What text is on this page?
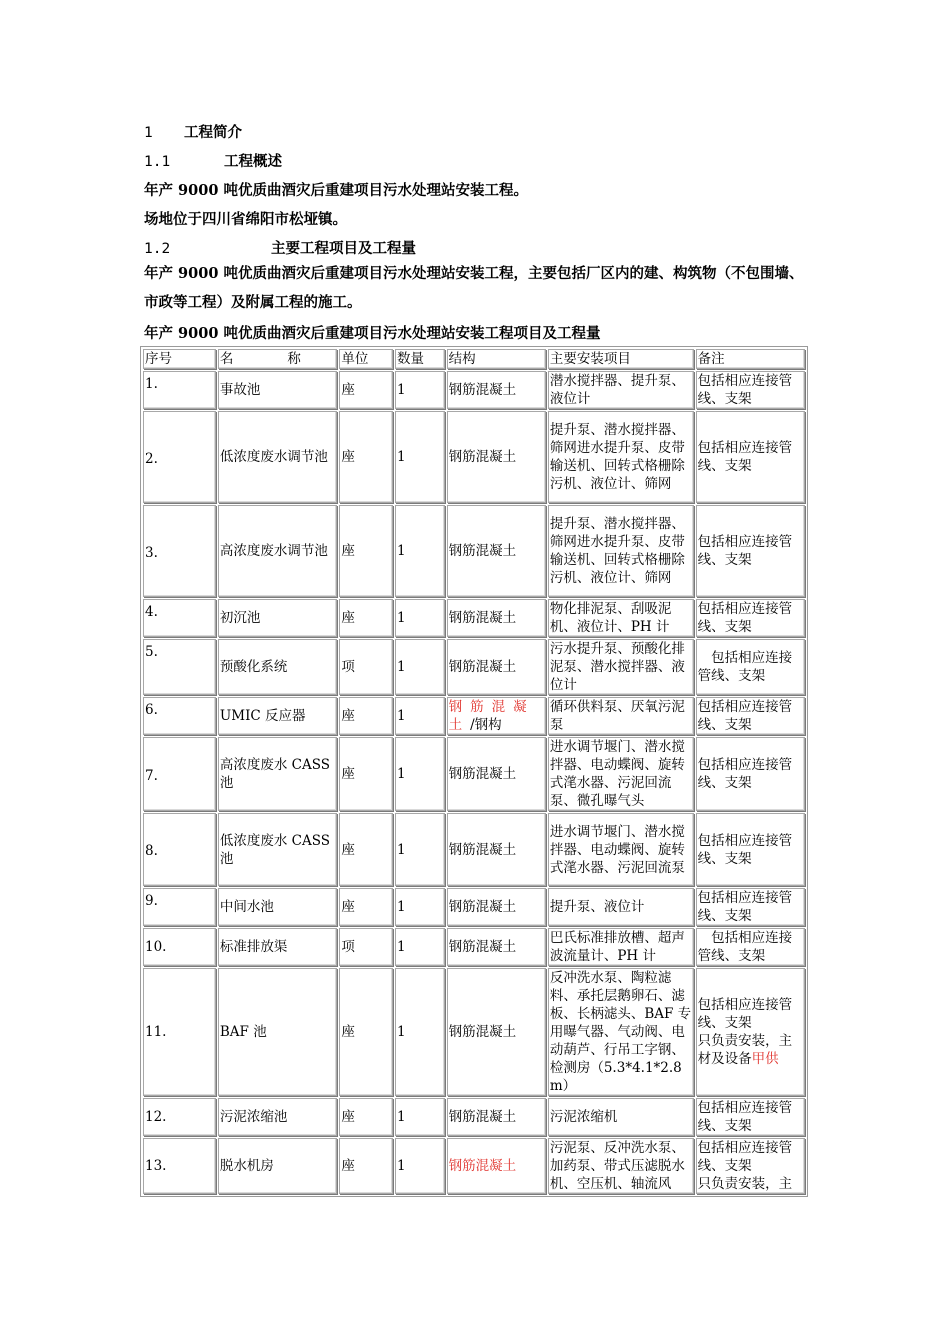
1 工程简介
1.1	工程概述
年产 9000 吨优质曲酒灾后重建项目污水处理站安装工程。
场地位于四川省绵阳市松垭镇。
1.2	主要工程项目及工程量
年产 9000 吨优质曲酒灾后重建项目污水处理站安装工程，主要包括厂区内的建、构筑物（不包围墙、市政等工程）及附属工程的施工。
年产 9000 吨优质曲酒灾后重建项目污水处理站安装工程项目及工程量
序号	名　　　　称	单位	数量	结构	主要安装项目	备注
1.	事故池	座	1	钢筋混凝土	潜水搅拌器、提升泵、液位计	包括相应连接管线、支架
2.	低浓度废水调节池	座	1	钢筋混凝土	提升泵、潜水搅拌器、筛网进水提升泵、皮带输送机、回转式格栅除污机、液位计、筛网	包括相应连接管线、支架
3.	高浓度废水调节池	座	1	钢筋混凝土	提升泵、潜水搅拌器、筛网进水提升泵、皮带输送机、回转式格栅除污机、液位计、筛网	包括相应连接管线、支架
4.	初沉池	座	1	钢筋混凝土	物化排泥泵、刮吸泥机、液位计、PH 计	包括相应连接管线、支架
5.	预酸化系统	项	1	钢筋混凝土	污水提升泵、预酸化排泥泵、潜水搅拌器、液位计	包括相应连接管线、支架
6.	UMIC 反应器	座	1	钢筋混凝土/钢构	循环供料泵、厌氧污泥泵	包括相应连接管线、支架
7.	高浓度废水 CASS 池	座	1	钢筋混凝土	进水调节堰门、潜水搅拌器、电动蝶阀、旋转式滗水器、污泥回流泵、微孔曝气头	包括相应连接管线、支架
8.	低浓度废水 CASS 池	座	1	钢筋混凝土	进水调节堰门、潜水搅拌器、电动蝶阀、旋转式滗水器、污泥回流泵	包括相应连接管线、支架
9.	中间水池	座	1	钢筋混凝土	提升泵、液位计	包括相应连接管线、支架
10.	标准排放渠	项	1	钢筋混凝土	巴氏标准排放槽、超声波流量计、PH 计	包括相应连接管线、支架
11.	BAF 池	座	1	钢筋混凝土	反冲洗水泵、陶粒滤料、承托层鹅卵石、滤板、长柄滤头、BAF 专用曝气器、气动阀、电动葫芦、行吊工字钢、检测房（5.3*4.1*2.8m）	包括相应连接管线、支架
只负责安装，主材及设备甲供
12.	污泥浓缩池	座	1	钢筋混凝土	污泥浓缩机	包括相应连接管线、支架
13.	脱水机房	座	1	钢筋混凝土	污泥泵、反冲洗水泵、加药泵、带式压滤脱水机、空压机、轴流风	包括相应连接管线、支架
只负责安装，主
